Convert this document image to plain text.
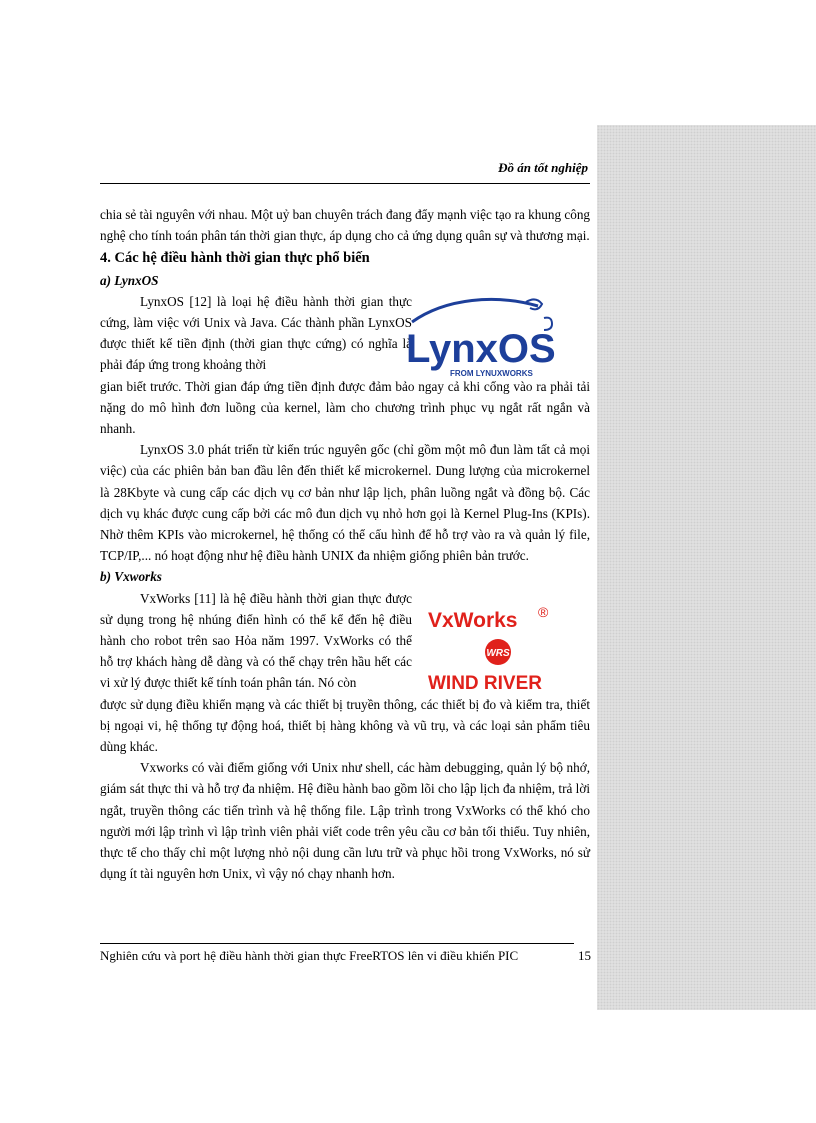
Đồ án tốt nghiệp

chia sẻ tài nguyên với nhau. Một uỷ ban chuyên trách đang đẩy mạnh việc tạo ra khung công nghệ cho tính toán phân tán thời gian thực, áp dụng cho cả ứng dụng quân sự và thương mại.

4. Các hệ điều hành thời gian thực phổ biến

a) LynxOS

LynxOS [12] là loại hệ điều hành thời gian thực cứng, làm việc với Unix và Java. Các thành phần LynxOS được thiết kế tiền định (thời gian thực cứng) có nghĩa là phải đáp ứng trong khoảng thời

gian biết trước. Thời gian đáp ứng tiền định được đảm bảo ngay cả khi cổng vào ra phải tải nặng do mô hình đơn luồng của kernel, làm cho chương trình phục vụ ngắt rất ngắn và nhanh.

LynxOS 3.0 phát triển từ kiến trúc nguyên gốc (chỉ gồm một mô đun làm tất cả mọi việc) của các phiên bản ban đầu lên đến thiết kế microkernel. Dung lượng của microkernel là 28Kbyte và cung cấp các dịch vụ cơ bản như lập lịch, phân luồng ngắt và đồng bộ. Các dịch vụ khác được cung cấp bởi các mô đun dịch vụ nhỏ hơn gọi là Kernel Plug-Ins (KPIs). Nhờ thêm KPIs vào microkernel, hệ thống có thể cấu hình để hỗ trợ vào ra và quản lý file, TCP/IP,... nó hoạt động như hệ điều hành UNIX đa nhiệm giống phiên bản trước.

b) Vxworks

VxWorks [11] là hệ điều hành thời gian thực được sử dụng trong hệ nhúng điển hình có thể kể đến hệ điều hành cho robot trên sao Hỏa năm 1997. VxWorks có thể hỗ trợ khách hàng dễ dàng và có thể chạy trên hầu hết các vi xử lý được thiết kế tính toán phân tán. Nó còn

được sử dụng điều khiển mạng và các thiết bị truyền thông, các thiết bị đo và kiểm tra, thiết bị ngoại vi, hệ thống tự động hoá, thiết bị hàng không và vũ trụ, và các loại sản phẩm tiêu dùng khác.

Vxworks có vài điểm giống với Unix như shell, các hàm debugging, quản lý bộ nhớ, giám sát thực thi và hỗ trợ đa nhiệm. Hệ điều hành bao gồm lõi cho lập lịch đa nhiệm, trả lời ngắt, truyền thông các tiến trình và hệ thống file. Lập trình trong VxWorks có thể khó cho người mới lập trình vì lập trình viên phải viết code trên yêu cầu cơ bản tối thiểu. Tuy nhiên, thực tế cho thấy chỉ một lượng nhỏ nội dung cần lưu trữ và phục hồi trong VxWorks, nó sử dụng ít tài nguyên hơn Unix, vì vậy nó chạy nhanh hơn.

LynxOS
FROM LYNUXWORKS
VxWorks ®
WRS
WIND RIVER
Nghiên cứu và port hệ điều hành thời gian thực FreeRTOS lên vi điều khiển PIC	15
